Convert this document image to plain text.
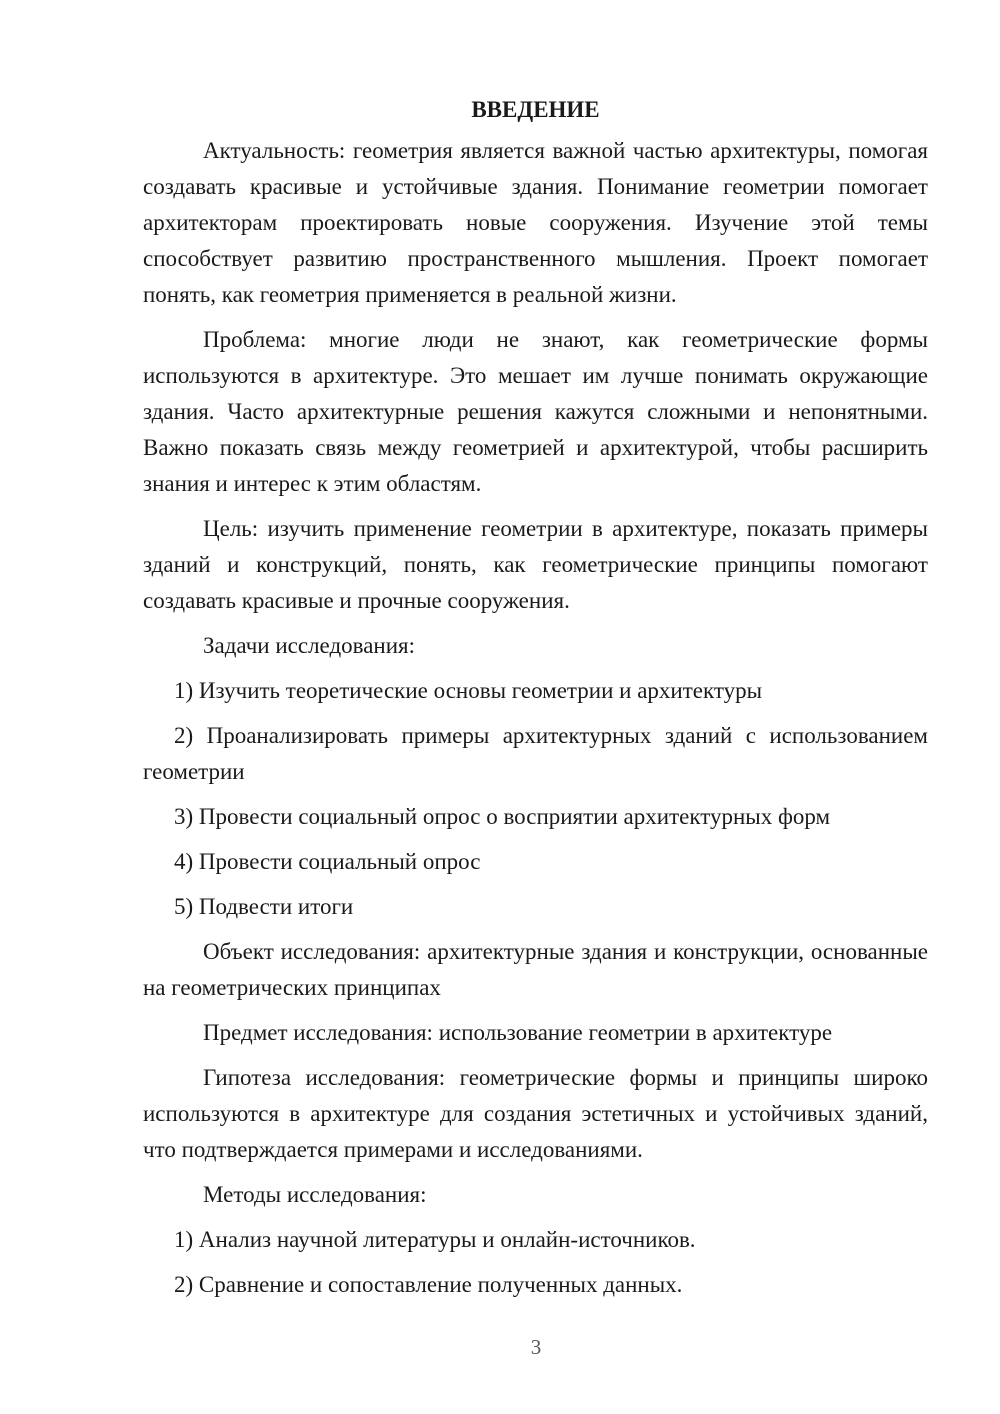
ВВЕДЕНИЕ

Актуальность: геометрия является важной частью архитектуры, помогая создавать красивые и устойчивые здания. Понимание геометрии помогает архитекторам проектировать новые сооружения. Изучение этой темы способствует развитию пространственного мышления. Проект помогает понять, как геометрия применяется в реальной жизни.

Проблема: многие люди не знают, как геометрические формы используются в архитектуре. Это мешает им лучше понимать окружающие здания. Часто архитектурные решения кажутся сложными и непонятными. Важно показать связь между геометрией и архитектурой, чтобы расширить знания и интерес к этим областям.

Цель: изучить применение геометрии в архитектуре, показать примеры зданий и конструкций, понять, как геометрические принципы помогают создавать красивые и прочные сооружения.

Задачи исследования:

1) Изучить теоретические основы геометрии и архитектуры

2) Проанализировать примеры архитектурных зданий с использованием геометрии

3) Провести социальный опрос о восприятии архитектурных форм

4) Провести социальный опрос

5) Подвести итоги

Объект исследования: архитектурные здания и конструкции, основанные на геометрических принципах

Предмет исследования: использование геометрии в архитектуре

Гипотеза исследования: геометрические формы и принципы широко используются в архитектуре для создания эстетичных и устойчивых зданий, что подтверждается примерами и исследованиями.

Методы исследования:

1) Анализ научной литературы и онлайн-источников.

2) Сравнение и сопоставление полученных данных.

3
